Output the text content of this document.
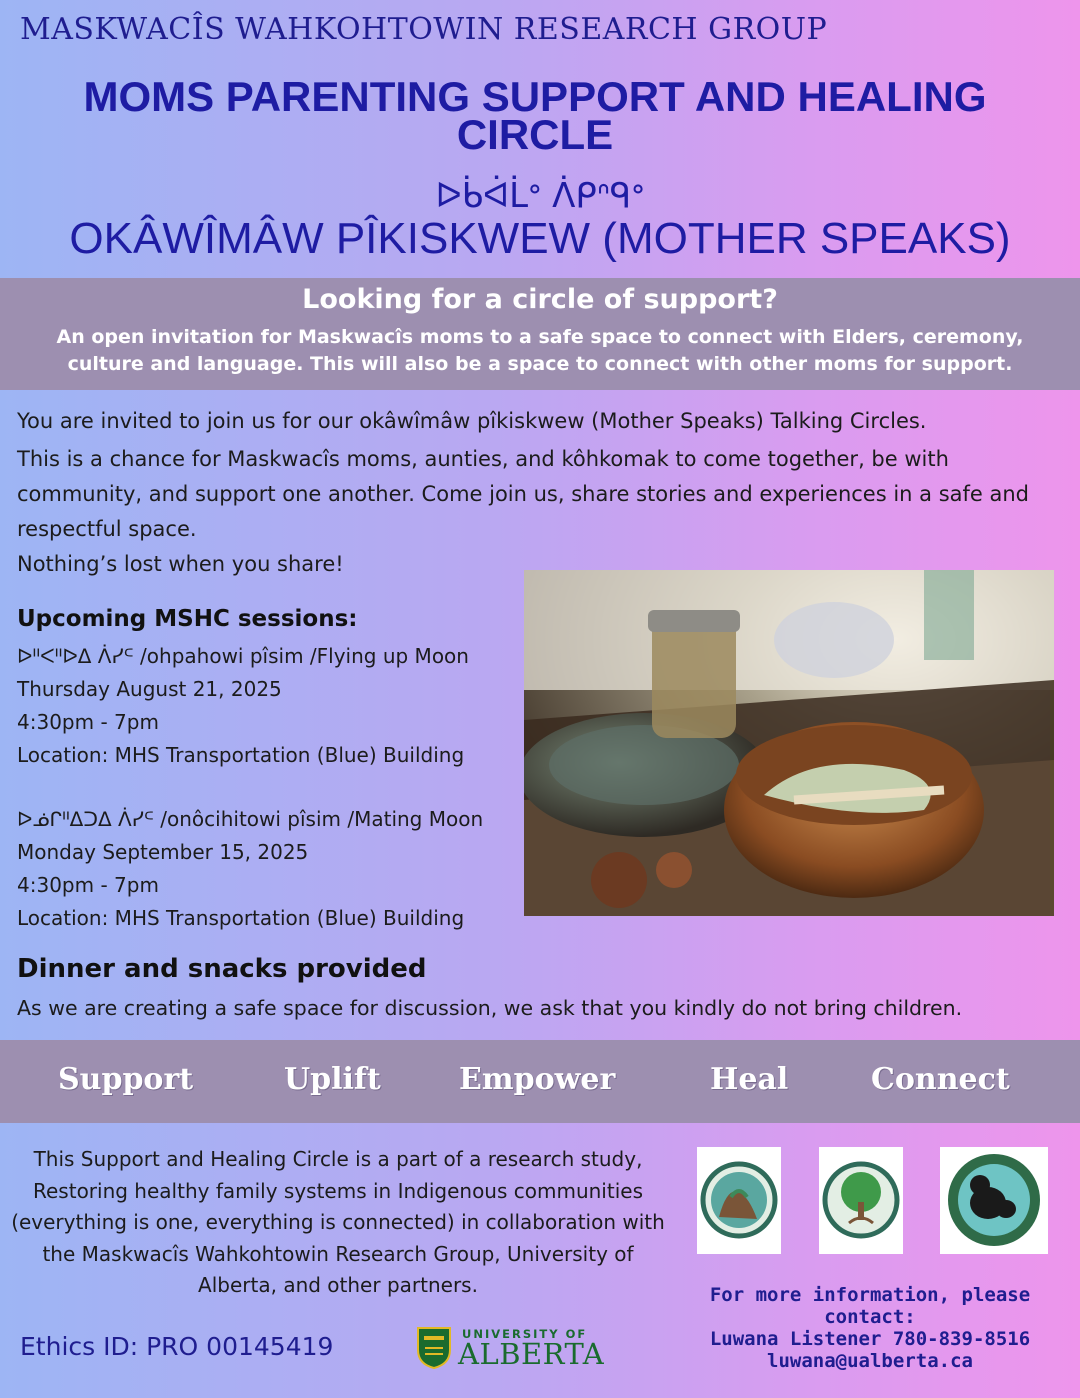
MASKWACÎS WAHKOHTOWIN RESEARCH GROUP
MOMS PARENTING SUPPORT AND HEALING CIRCLE
ᐅᑳᐋᒫᐤ ᐲᑭᐢᑫᐤ
OKÂWÎMÂW PÎKISKWEW (MOTHER SPEAKS)
Looking for a circle of support?
An open invitation for Maskwacîs moms to a safe space to connect with Elders, ceremony, culture and language. This will also be a space to connect with other moms for support.

You are invited to join us for our okâwîmâw pîkiskwew (Mother Speaks) Talking Circles.

This is a chance for Maskwacîs moms, aunties, and kôhkomak to come together, be with community, and support one another. Come join us, share stories and experiences in a safe and respectful space.

Nothing’s lost when you share!

Upcoming MSHC sessions:
ᐅᐦᐸᐦᐅᐃ ᐲᓯᒼ /ohpahowi pîsim /Flying up Moon
Thursday August 21, 2025
4:30pm - 7pm
Location: MHS Transportation (Blue) Building
ᐅᓅᒋᐦᐃᑐᐃ ᐲᓯᒼ /onôcihitowi pîsim /Mating Moon
Monday September 15, 2025
4:30pm - 7pm
Location: MHS Transportation (Blue) Building
Dinner and snacks provided
As we are creating a safe space for discussion, we ask that you kindly do not bring children.
Support	Uplift	Empower	Heal	Connect
This Support and Healing Circle is a part of a research study, Restoring healthy family systems in Indigenous communities (everything is one, everything is connected) in collaboration with the Maskwacîs Wahkohtowin Research Group, University of Alberta, and other partners.
Ethics ID: PRO 00145419	UNIVERSITY OF
ALBERTA
For more information, please contact:
Luwana Listener 780-839-8516
luwana@ualberta.ca
